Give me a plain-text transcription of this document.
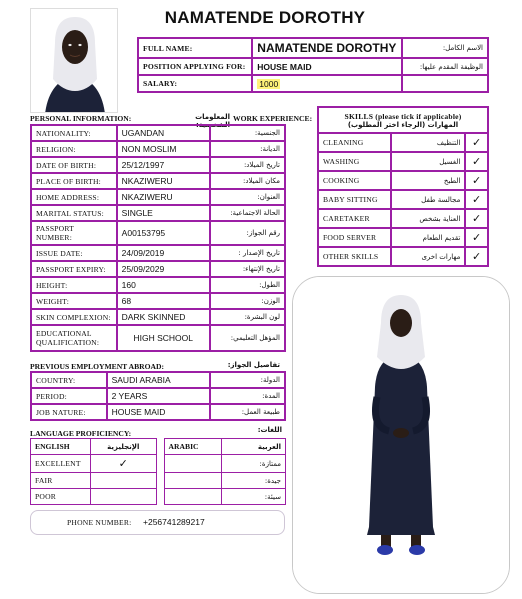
NAMATENDE DOROTHY
FULL NAME:	NAMATENDE DOROTHY	الاسم الكامل:
POSITION APPLYING FOR:	HOUSE MAID	الوظيفة المقدم عليها:
SALARY:	1000	
PERSONAL INFORMATION:	المعلومات الشخصية:
WORK EXPERIENCE:
NATIONALITY:	UGANDAN	الجنسية:
RELIGION:	NON MOSLIM	الديانة:
DATE OF BIRTH:	25/12/1997	تاريخ الميلاد:
PLACE OF BIRTH:	NKAZIWERU	مكان الميلاد:
HOME ADDRESS:	NKAZIWERU	العنوان:
MARITAL STATUS:	SINGLE	الحالة الاجتماعية:
PASSPORT NUMBER:	A00153795	رقم الجواز:
ISSUE DATE:	24/09/2019	تاريخ الإصدار :
PASSPORT EXPIRY:	25/09/2029	تاريخ الإنتهاء:
HEIGHT:	160	الطول:
WEIGHT:	68	الوزن:
SKIN COMPLEXION:	DARK SKINNED	لون البشرة:
EDUCATIONAL QUALIFICATION:	HIGH SCHOOL	المؤهل التعليمي:
SKILLS (please tick if applicable)
المهارات (الرجاء اختر المطلوب)		

CLEANING	التنظيف	✓
WASHING	الغسيل	✓
COOKING	الطبخ	✓
BABY SITTING	مجالسة طفل	✓
CARETAKER	العناية بشخص	✓
FOOD SERVER	تقديم الطعام	✓
OTHER SKILLS	مهارات اخرى	✓
PREVIOUS EMPLOYMENT ABROAD:	تفاصيل الجواز:
COUNTRY:	SAUDI ARABIA	الدولة:
PERIOD:	2 YEARS	المدة:
JOB NATURE:	HOUSE MAID	طبيعة العمل:
LANGUAGE PROFICIENCY:	اللغات:
ENGLISH	الإنجليزية		ARABIC	العربية
EXCELLENT	✓			ممتازة:
FAIR				جيدة:
POOR				سيئة:
PHONE NUMBER: +256741289217
